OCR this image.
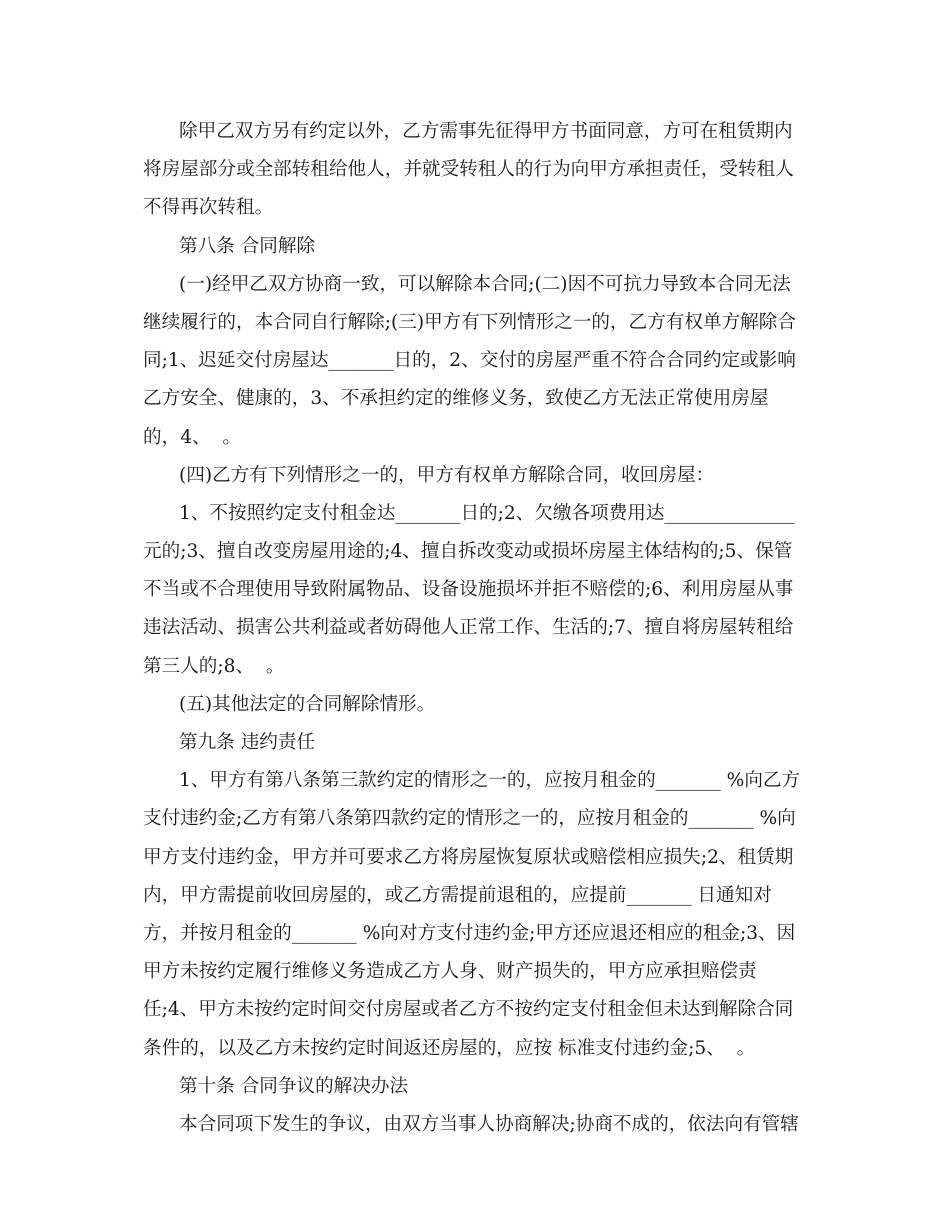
除甲乙双方另有约定以外，乙方需事先征得甲方书面同意，方可在租赁期内
将房屋部分或全部转租给他人，并就受转租人的行为向甲方承担责任，受转租人
不得再次转租。
第八条 合同解除
(一)经甲乙双方协商一致，可以解除本合同;(二)因不可抗力导致本合同无法
继续履行的，本合同自行解除;(三)甲方有下列情形之一的，乙方有权单方解除合
同;1、迟延交付房屋达_______日的，2、交付的房屋严重不符合合同约定或影响
乙方安全、健康的，3、不承担约定的维修义务，致使乙方无法正常使用房屋
的，4、  。
(四)乙方有下列情形之一的，甲方有权单方解除合同，收回房屋：
1、不按照约定支付租金达_______日的;2、欠缴各项费用达______________
元的;3、擅自改变房屋用途的;4、擅自拆改变动或损坏房屋主体结构的;5、保管
不当或不合理使用导致附属物品、设备设施损坏并拒不赔偿的;6、利用房屋从事
违法活动、损害公共利益或者妨碍他人正常工作、生活的;7、擅自将房屋转租给
第三人的;8、  。
(五)其他法定的合同解除情形。
第九条 违约责任
1、甲方有第八条第三款约定的情形之一的，应按月租金的_______ %向乙方
支付违约金;乙方有第八条第四款约定的情形之一的，应按月租金的_______ %向
甲方支付违约金，甲方并可要求乙方将房屋恢复原状或赔偿相应损失;2、租赁期
内，甲方需提前收回房屋的，或乙方需提前退租的，应提前_______ 日通知对
方，并按月租金的_______ %向对方支付违约金;甲方还应退还相应的租金;3、因
甲方未按约定履行维修义务造成乙方人身、财产损失的，甲方应承担赔偿责
任;4、甲方未按约定时间交付房屋或者乙方不按约定支付租金但未达到解除合同
条件的，以及乙方未按约定时间返还房屋的，应按 标准支付违约金;5、  。
第十条 合同争议的解决办法
本合同项下发生的争议，由双方当事人协商解决;协商不成的，依法向有管辖
